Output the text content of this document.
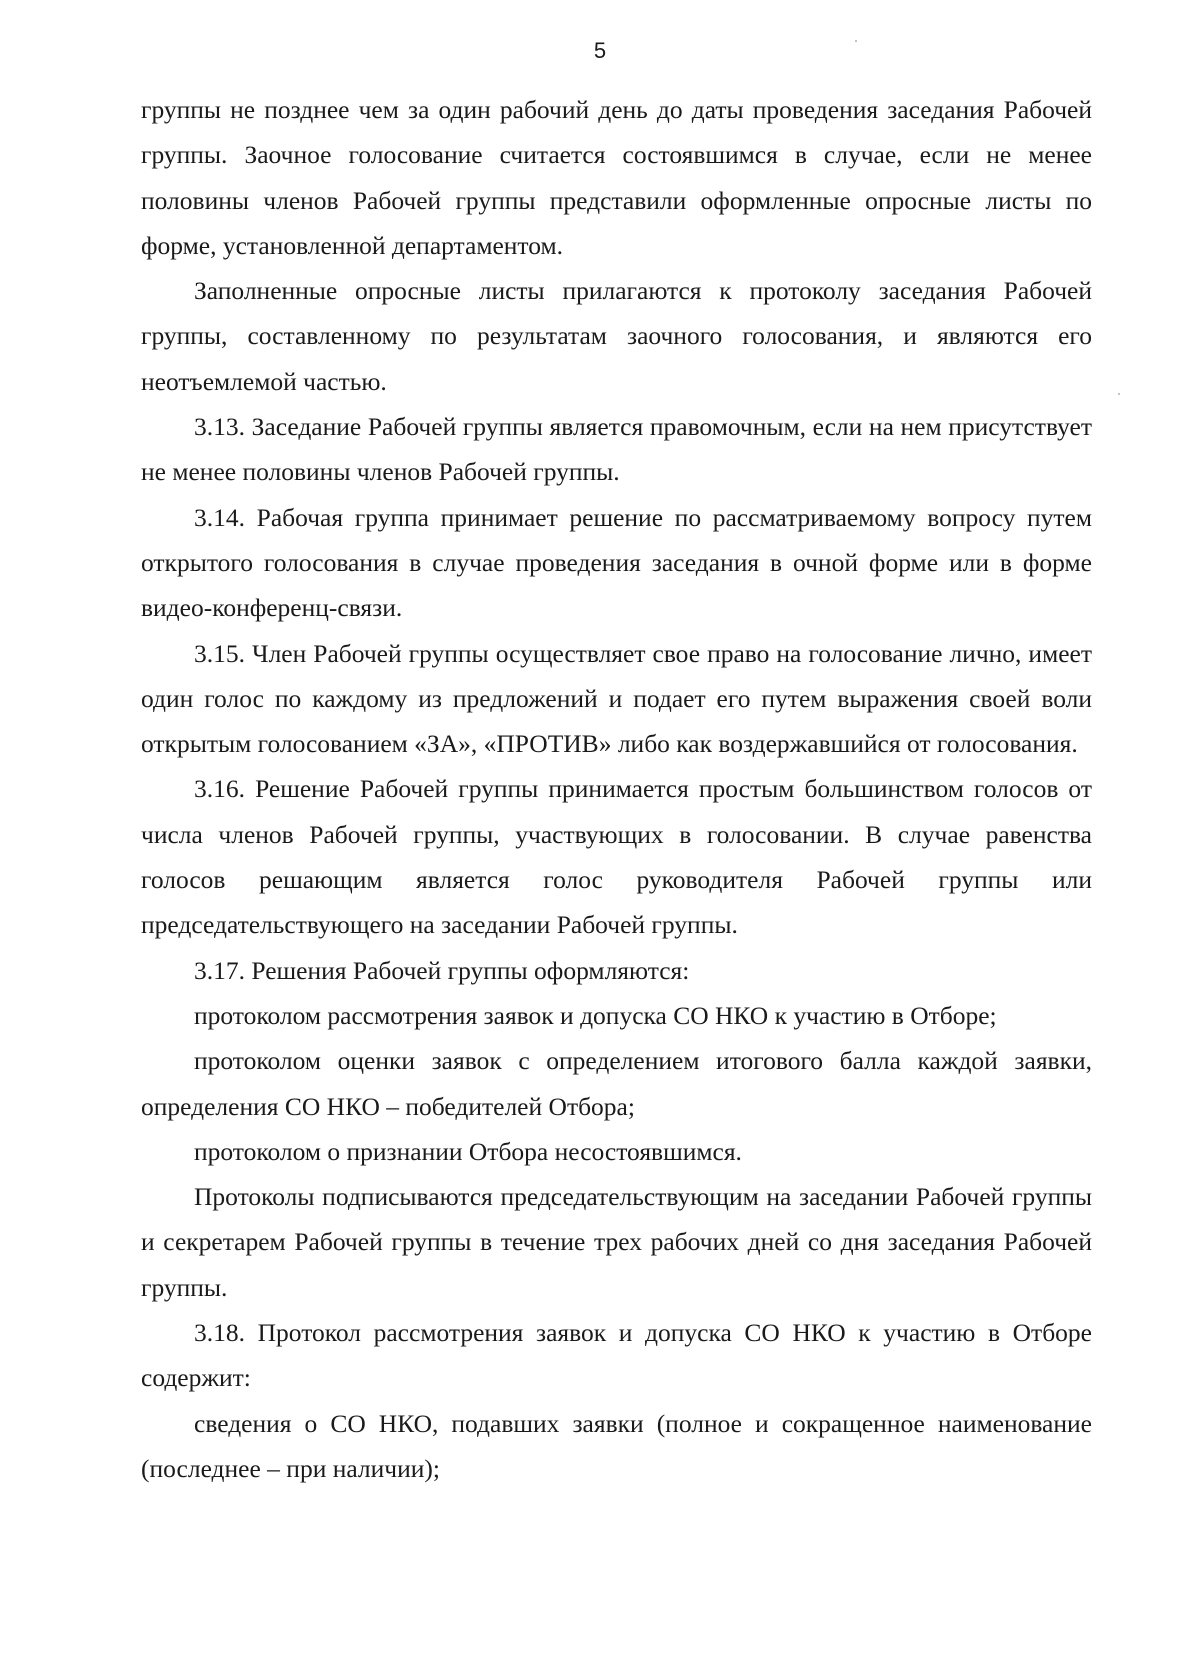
5

группы не позднее чем за один рабочий день до даты проведения заседания Рабочей группы. Заочное голосование считается состоявшимся в случае, если не менее половины членов Рабочей группы представили оформленные опросные листы по форме, установленной департаментом.

Заполненные опросные листы прилагаются к протоколу заседания Рабочей группы, составленному по результатам заочного голосования, и являются его неотъемлемой частью.

3.13. Заседание Рабочей группы является правомочным, если на нем присутствует не менее половины членов Рабочей группы.

3.14. Рабочая группа принимает решение по рассматриваемому вопросу путем открытого голосования в случае проведения заседания в очной форме или в форме видео-конференц-связи.

3.15. Член Рабочей группы осуществляет свое право на голосование лично, имеет один голос по каждому из предложений и подает его путем выражения своей воли открытым голосованием «ЗА», «ПРОТИВ» либо как воздержавшийся от голосования.

3.16. Решение Рабочей группы принимается простым большинством голосов от числа членов Рабочей группы, участвующих в голосовании. В случае равенства голосов решающим является голос руководителя Рабочей группы или председательствующего на заседании Рабочей группы.

3.17. Решения Рабочей группы оформляются:

протоколом рассмотрения заявок и допуска СО НКО к участию в Отборе;

протоколом оценки заявок с определением итогового балла каждой заявки, определения СО НКО – победителей Отбора;

протоколом о признании Отбора несостоявшимся.

Протоколы подписываются председательствующим на заседании Рабочей группы и секретарем Рабочей группы в течение трех рабочих дней со дня заседания Рабочей группы.

3.18. Протокол рассмотрения заявок и допуска СО НКО к участию в Отборе содержит:

сведения о СО НКО, подавших заявки (полное и сокращенное наименование (последнее – при наличии);
